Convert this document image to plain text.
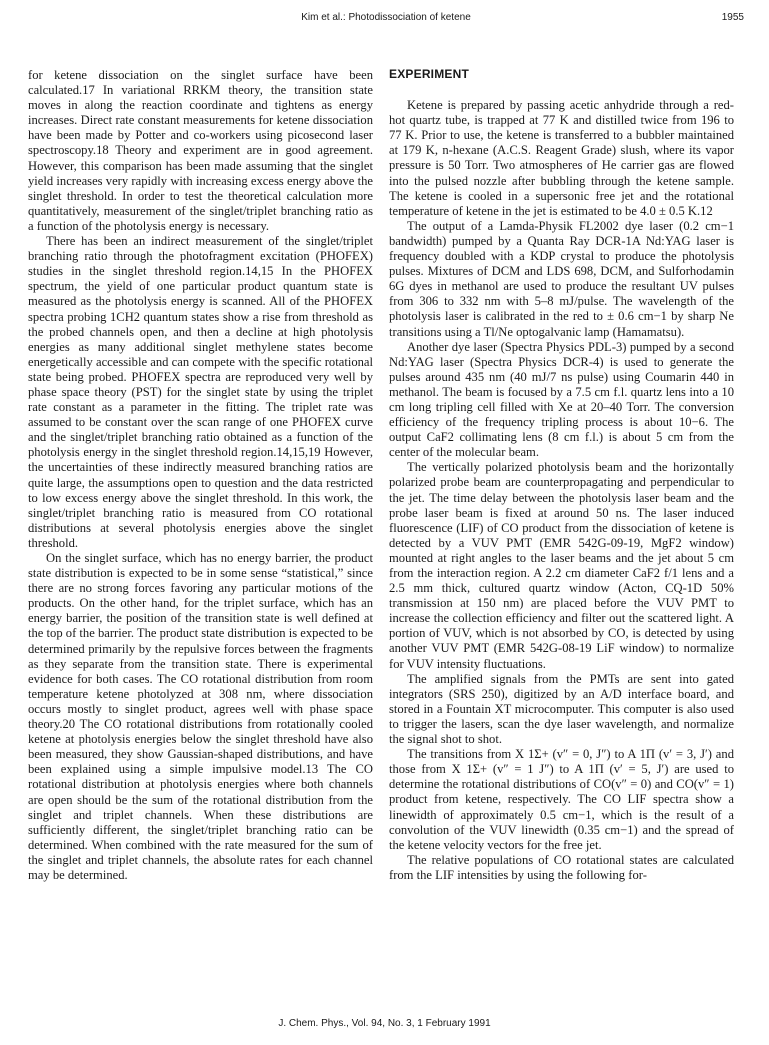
Kim et al.: Photodissociation of ketene	1955

for ketene dissociation on the singlet surface have been calculated.17 In variational RRKM theory, the transition state moves in along the reaction coordinate and tightens as energy increases. Direct rate constant measurements for ketene dissociation have been made by Potter and co-workers using picosecond laser spectroscopy.18 Theory and experiment are in good agreement. However, this comparison has been made assuming that the singlet yield increases very rapidly with increasing excess energy above the singlet threshold. In order to test the theoretical calculation more quantitatively, measurement of the singlet/triplet branching ratio as a function of the photolysis energy is necessary.

There has been an indirect measurement of the singlet/triplet branching ratio through the photofragment excitation (PHOFEX) studies in the singlet threshold region.14,15 In the PHOFEX spectrum, the yield of one particular product quantum state is measured as the photolysis energy is scanned. All of the PHOFEX spectra probing 1CH2 quantum states show a rise from threshold as the probed channels open, and then a decline at high photolysis energies as many additional singlet methylene states become energetically accessible and can compete with the specific rotational state being probed. PHOFEX spectra are reproduced very well by phase space theory (PST) for the singlet state by using the triplet rate constant as a parameter in the fitting. The triplet rate was assumed to be constant over the scan range of one PHOFEX curve and the singlet/triplet branching ratio obtained as a function of the photolysis energy in the singlet threshold region.14,15,19 However, the uncertainties of these indirectly measured branching ratios are quite large, the assumptions open to question and the data restricted to low excess energy above the singlet threshold. In this work, the singlet/triplet branching ratio is measured from CO rotational distributions at several photolysis energies above the singlet threshold.

On the singlet surface, which has no energy barrier, the product state distribution is expected to be in some sense “statistical,” since there are no strong forces favoring any particular motions of the products. On the other hand, for the triplet surface, which has an energy barrier, the position of the transition state is well defined at the top of the barrier. The product state distribution is expected to be determined primarily by the repulsive forces between the fragments as they separate from the transition state. There is experimental evidence for both cases. The CO rotational distribution from room temperature ketene photolyzed at 308 nm, where dissociation occurs mostly to singlet product, agrees well with phase space theory.20 The CO rotational distributions from rotationally cooled ketene at photolysis energies below the singlet threshold have also been measured, they show Gaussian-shaped distributions, and have been explained using a simple impulsive model.13 The CO rotational distribution at photolysis energies where both channels are open should be the sum of the rotational distribution from the singlet and triplet channels. When these distributions are sufficiently different, the singlet/triplet branching ratio can be determined. When combined with the rate measured for the sum of the singlet and triplet channels, the absolute rates for each channel may be determined.

EXPERIMENT

Ketene is prepared by passing acetic anhydride through a red-hot quartz tube, is trapped at 77 K and distilled twice from 196 to 77 K. Prior to use, the ketene is transferred to a bubbler maintained at 179 K, n-hexane (A.C.S. Reagent Grade) slush, where its vapor pressure is 50 Torr. Two atmospheres of He carrier gas are flowed into the pulsed nozzle after bubbling through the ketene sample. The ketene is cooled in a supersonic free jet and the rotational temperature of ketene in the jet is estimated to be 4.0 ± 0.5 K.12

The output of a Lamda-Physik FL2002 dye laser (0.2 cm−1 bandwidth) pumped by a Quanta Ray DCR-1A Nd:YAG laser is frequency doubled with a KDP crystal to produce the photolysis pulses. Mixtures of DCM and LDS 698, DCM, and Sulforhodamin 6G dyes in methanol are used to produce the resultant UV pulses from 306 to 332 nm with 5–8 mJ/pulse. The wavelength of the photolysis laser is calibrated in the red to ± 0.6 cm−1 by sharp Ne transitions using a Tl/Ne optogalvanic lamp (Hamamatsu).

Another dye laser (Spectra Physics PDL-3) pumped by a second Nd:YAG laser (Spectra Physics DCR-4) is used to generate the pulses around 435 nm (40 mJ/7 ns pulse) using Coumarin 440 in methanol. The beam is focused by a 7.5 cm f.l. quartz lens into a 10 cm long tripling cell filled with Xe at 20–40 Torr. The conversion efficiency of the frequency tripling process is about 10−6. The output CaF2 collimating lens (8 cm f.l.) is about 5 cm from the center of the molecular beam.

The vertically polarized photolysis beam and the horizontally polarized probe beam are counterpropagating and perpendicular to the jet. The time delay between the photolysis laser beam and the probe laser beam is fixed at around 50 ns. The laser induced fluorescence (LIF) of CO product from the dissociation of ketene is detected by a VUV PMT (EMR 542G-09-19, MgF2 window) mounted at right angles to the laser beams and the jet about 5 cm from the interaction region. A 2.2 cm diameter CaF2 f/1 lens and a 2.5 mm thick, cultured quartz window (Acton, CQ-1D 50% transmission at 150 nm) are placed before the VUV PMT to increase the collection efficiency and filter out the scattered light. A portion of VUV, which is not absorbed by CO, is detected by using another VUV PMT (EMR 542G-08-19 LiF window) to normalize for VUV intensity fluctuations.

The amplified signals from the PMTs are sent into gated integrators (SRS 250), digitized by an A/D interface board, and stored in a Fountain XT microcomputer. This computer is also used to trigger the lasers, scan the dye laser wavelength, and normalize the signal shot to shot.

The transitions from X 1Σ+ (v″ = 0, J″) to A 1Π (v′ = 3, J′) and those from X 1Σ+ (v″ = 1 J″) to A 1Π (v′ = 5, J′) are used to determine the rotational distributions of CO(v″ = 0) and CO(v″ = 1) product from ketene, respectively. The CO LIF spectra show a linewidth of approximately 0.5 cm−1, which is the result of a convolution of the VUV linewidth (0.35 cm−1) and the spread of the ketene velocity vectors for the free jet.

The relative populations of CO rotational states are calculated from the LIF intensities by using the following for-

J. Chem. Phys., Vol. 94, No. 3, 1 February 1991
